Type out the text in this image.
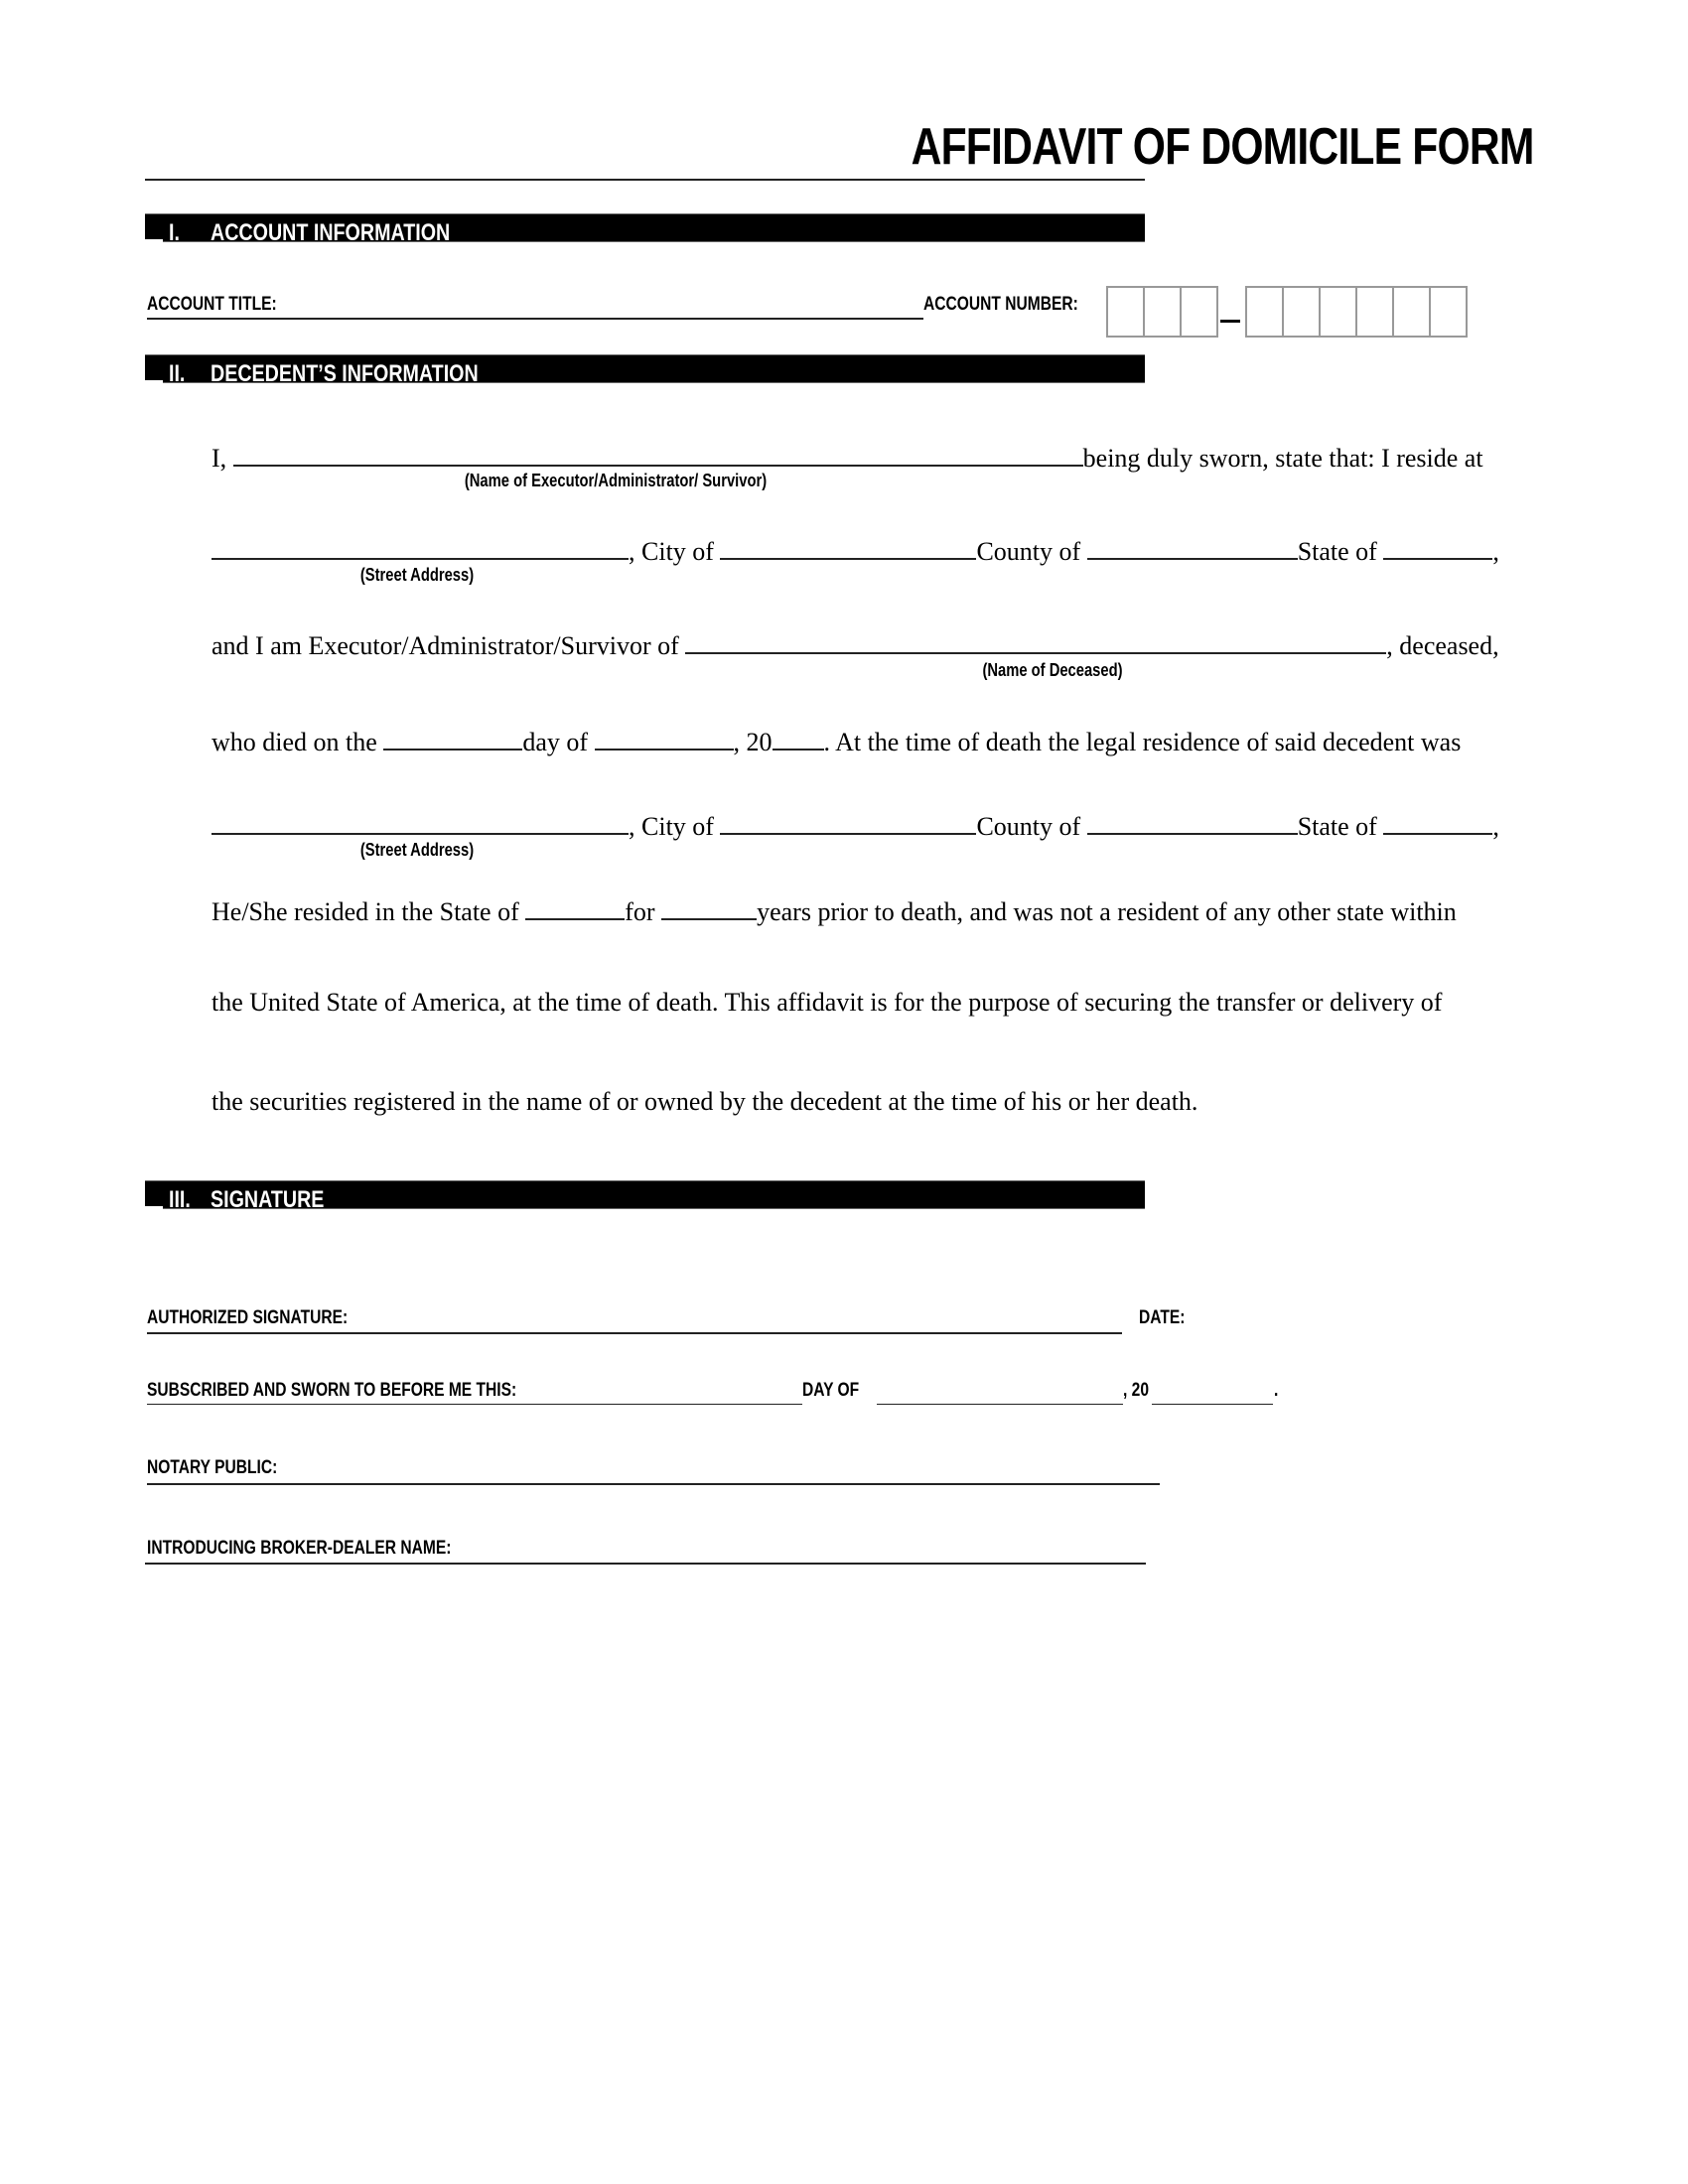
AFFIDAVIT OF DOMICILE FORM
I. ACCOUNT INFORMATION
ACCOUNT TITLE:	ACCOUNT NUMBER:
II. DECEDENT’S INFORMATION
I,	being duly sworn, state that: I reside at
(Name of Executor/Administrator/ Survivor)
, City of	County of	State of	,
(Street Address)
and I am Executor/Administrator/Survivor of	, deceased,
(Name of Deceased)
who died on the	day of	, 20 . At the time of death the legal residence of said decedent was
, City of	County of	State of	,
(Street Address)
He/She resided in the State of	for	years prior to death, and was not a resident of any other state within
the United State of America, at the time of death. This affidavit is for the purpose of securing the transfer or delivery of
the securities registered in the name of or owned by the decedent at the time of his or her death.
III. SIGNATURE
AUTHORIZED SIGNATURE:	DATE:
SUBSCRIBED AND SWORN TO BEFORE ME THIS:	DAY OF	, 20	.
NOTARY PUBLIC:
INTRODUCING BROKER-DEALER NAME:
